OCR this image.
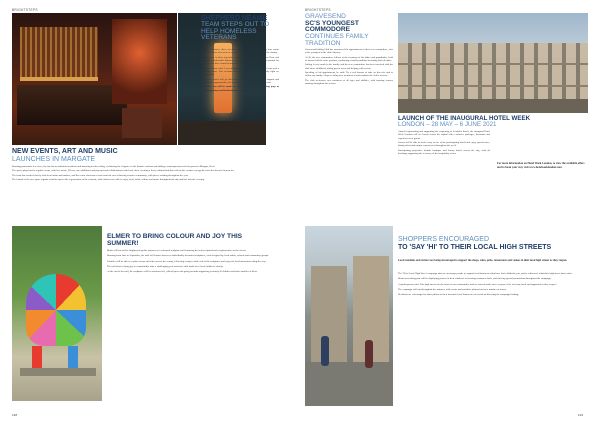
BRIGHTSTEPS	BRIGHTSTEPS
NEW EVENTS, ART AND MUSIC
LAUNCHES IN MARGATE

Boasting panoramic sea views, the bar has an industrial aesthetic and stunning art deco tiling, reclaiming the elegance of the historic seafront and adding a contemporary twist for guests in Margate, Kent.

The space plays host to regular events, with live music, DJ sets, art exhibitions and pop-up food collaborations with local chefs, creating a lively cultural hub that reflects the creative energy the town has become known for.

The team has worked closely with local artists and makers, and the venue showcases work from the area's thriving creative community, with pieces rotating throughout the year.

The launch of the new space signals a further step in the regeneration of the seafront, with visitors now able to enjoy food, drink, culture and music throughout the day and late into the evening.

ELMER TO BRING COLOUR AND JOY THIS SUMMER!

Much of Kent will be brightened up this summer as a colourful sculpture trail featuring the beloved patchwork elephant takes to the streets.

Running from June to September, the trail will feature dozens of individually decorated sculptures, each designed by local artists, schools and community groups.

Families will be able to explore towns and cities across the county, following a map to find each of the sculptures and enjoy the local attractions along the way.

The trail aims to bring joy to communities after a challenging year and raise vital funds for a local children's charity.

At the end of the trail, the sculptures will be auctioned off, with all proceeds going towards supporting seriously ill children and their families in Kent.

148
SHEPHERD NEAME
TEAM STEPS OUT TO HELP HOMELESS VETERANS

Shepherd Neame's chief executive Jonathan Neame was among four senior business leaders who took on a sponsored walk to raise funds for the charity.

Stepping out in their respective trainers, the team walked across Kent and covered a considerable distance over the day, raising thousands of pounds for veterans who have found themselves without a home.

Jonathan Neame said: 'I was delighted to take part in this walk to help such a deserving cause. Our veterans have given so much and it is only right we support them.'

The funds raised will go directly towards providing housing, support and employment opportunities for homeless veterans across the south east.

Donations can still be made on Shepherd Neame's JustGiving page at www.justgiving.com/fundraising/shepherd-neame

GRAVESEND
SC'S YOUNGEST COMMODORE
CONTINUES FAMILY TRADITION

Gravesend Sailing Club has announced the appointment of their new commodore, who is the youngest in the club's history.

At 26, the new commodore follows in the footsteps of his father and grandfather, both of whom held the same position, continuing a family tradition stretching back decades.

Sailing is very much in the family, and the new commodore has been involved with the club since childhood, taking part in races and helping with events.

Speaking of his appointment, he said: 'It's a real honour to take on this role and to follow my family. I hope to bring new members in and continue the club's success.'

The club welcomes new members of all ages and abilities, with training courses running throughout the season.

LAUNCH OF THE INAUGURAL HOTEL WEEK
LONDON – 28 MAY – 6 JUNE 2021

Aimed at promoting and supporting the reopening of London's hotels, the inaugural Hotel Week London will see hotels across the capital offer exclusive packages, discounts and experiences for guests.

Guests will be able to book a stay at one of the participating hotels and enjoy special rates, dining offers and unique experiences throughout the week.

Participating properties include boutique and luxury hotels across the city, with all bookings supporting the recovery of the hospitality sector.

For more information on Hotel Week London, to view the available offers and to book your stay visit www.hotelweeklondon.com
SHOPPERS ENCOURAGED
TO 'SAY 'HI' TO THEIR LOCAL HIGH STREETS
Local residents and visitors are being encouraged to support the shops, cafes, pubs, restaurants and venues in their local high streets as they reopen.

The 'Hi to Local High Street' campaign aims to encourage people to support local businesses that have had a difficult year, and to rediscover what their high street has to offer.

Businesses taking part will be displaying posters in their windows welcoming customers back, and offering special promotions throughout the campaign.

A spokesperson said: 'Our high streets are the heart of our communities and we want to make sure everyone feels welcome back and supported as they reopen.'

The campaign will run throughout the summer, with events and activities planned across a number of towns.

Residents are encouraged to share photos of their favourite local businesses on social media using the campaign hashtag.

149
